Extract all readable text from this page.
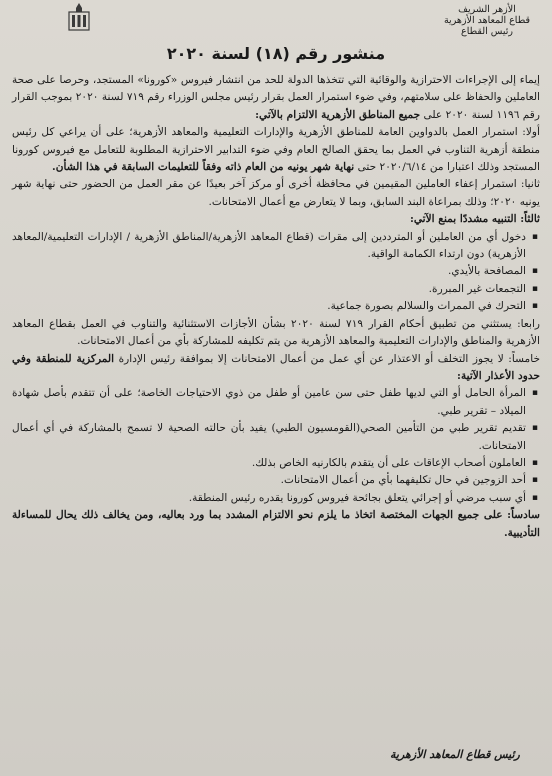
الأزهر الشريف
قطاع المعاهد الأزهرية
رئيس القطاع
منشور رقم (١٨) لسنة ٢٠٢٠

إيماء إلى الإجراءات الاحترازية والوقائية التي تتخذها الدولة للحد من انتشار فيروس «كورونا» المستجد، وحرصا على صحة العاملين والحفاظ على سلامتهم، وفي ضوء استمرار العمل بقرار رئيس مجلس الوزراء رقم ٧١٩ لسنة ٢٠٢٠ بموجب القرار رقم ١١٩٦ لسنة ٢٠٢٠ على جميع المناطق الأزهرية الالتزام بالآتي:

أولا: استمرار العمل بالدواوين العامة للمناطق الأزهرية والإدارات التعليمية والمعاهد الأزهرية؛ على أن يراعي كل رئيس منطقة أزهرية التناوب في العمل بما يحقق الصالح العام وفي ضوء التدابير الاحترازية المطلوبة للتعامل مع فيروس كورونا المستجد وذلك اعتبارا من ٢٠٢٠/٦/١٤ حتى نهاية شهر يونيه من العام ذاته وفقاً للتعليمات السابقة في هذا الشأن.

ثانيا: استمرار إعفاء العاملين المقيمين في محافظة أخرى أو مركز آخر بعيدًا عن مقر العمل من الحضور حتى نهاية شهر يونيه ٢٠٢٠؛ وذلك بمراعاة البند السابق، وبما لا يتعارض مع أعمال الامتحانات.

ثالثاً: التنبيه مشددًا بمنع الآتي:

▪ دخول أي من العاملين أو المترددين إلى مقرات (قطاع المعاهد الأزهرية/المناطق الأزهرية / الإدارات التعليمية/المعاهد الأزهرية) دون ارتداء الكمامة الواقية.
▪ المصافحة بالأيدي.
▪ التجمعات غير المبررة.
▪ التحرك في الممرات والسلالم بصورة جماعية.

رابعا: يستثني من تطبيق أحكام القرار ٧١٩ لسنة ٢٠٢٠ بشأن الأجازات الاستثنائية والتناوب في العمل بقطاع المعاهد الأزهرية والمناطق والإدارات التعليمية والمعاهد الأزهرية من يتم تكليفه للمشاركة بأي من أعمال الامتحانات.

خامساً: لا يجوز التخلف أو الاعتذار عن أي عمل من أعمال الامتحانات إلا بموافقة رئيس الإدارة المركزية للمنطقة وفي حدود الأعذار الآتية:

▪ المرأة الحامل أو التي لديها طفل حتى سن عامين أو طفل من ذوي الاحتياجات الخاصة؛ على أن تتقدم بأصل شهادة الميلاد – تقرير طبي.
▪ تقديم تقرير طبي من التأمين الصحي(القومسيون الطبي) يفيد بأن حالته الصحية لا تسمح بالمشاركة في أي أعمال الامتحانات.
▪ العاملون أصحاب الإعاقات على أن يتقدم بالكارنيه الخاص بذلك.
▪ أحد الزوجين في حال تكليفهما بأي من أعمال الامتحانات.
▪ أي سبب مرضي أو إجرائي يتعلق بجائحة فيروس كورونا يقدره رئيس المنطقة.

سادساً: على جميع الجهات المختصة اتخاذ ما يلزم نحو الالتزام المشدد بما ورد بعاليه، ومن يخالف ذلك يحال للمساءلة التأديبية.

رئيس قطاع المعاهد الأزهرية
